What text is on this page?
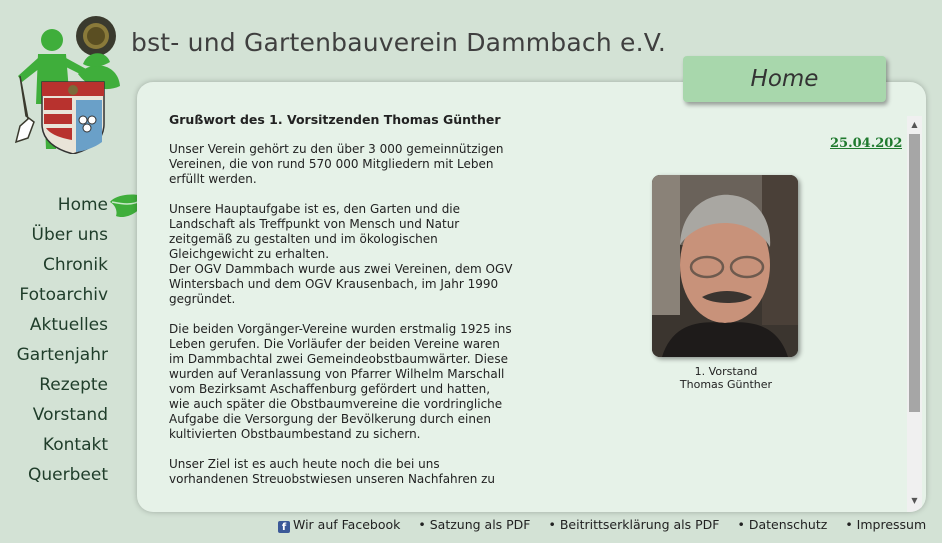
bst- und Gartenbauverein Dammbach e.V.
Home
Über uns
Chronik
Fotoarchiv
Aktuelles
Gartenjahr
Rezepte
Vorstand
Kontakt
Querbeet
Grußwort des 1. Vorsitzenden Thomas Günther

Unser Verein gehört zu den über 3 000 gemeinnützigen Vereinen, die von rund 570 000 Mitgliedern mit Leben erfüllt werden.

Unsere Hauptaufgabe ist es, den Garten und die Landschaft als Treffpunkt von Mensch und Natur zeitgemäß zu gestalten und im ökologischen Gleichgewicht zu erhalten.
Der OGV Dammbach wurde aus zwei Vereinen, dem OGV Wintersbach und dem OGV Krausenbach, im Jahr 1990 gegründet.

Die beiden Vorgänger-Vereine wurden erstmalig 1925 ins Leben gerufen. Die Vorläufer der beiden Vereine waren im Dammbachtal zwei Gemeindeobstbaumwärter. Diese wurden auf Veranlassung von Pfarrer Wilhelm Marschall vom Bezirksamt Aschaffenburg gefördert und hatten, wie auch später die Obstbaumvereine die vordringliche Aufgabe die Versorgung der Bevölkerung durch einen kultivierten Obstbaumbestand zu sichern.

Unser Ziel ist es auch heute noch die bei uns vorhandenen Streuobstwiesen unseren Nachfahren zu

25.04.202
1. Vorstand
Thomas Günther
▲
▼
Home
f Wir auf Facebook • Satzung als PDF • Beitrittserklärung als PDF • Datenschutz • Impressum
